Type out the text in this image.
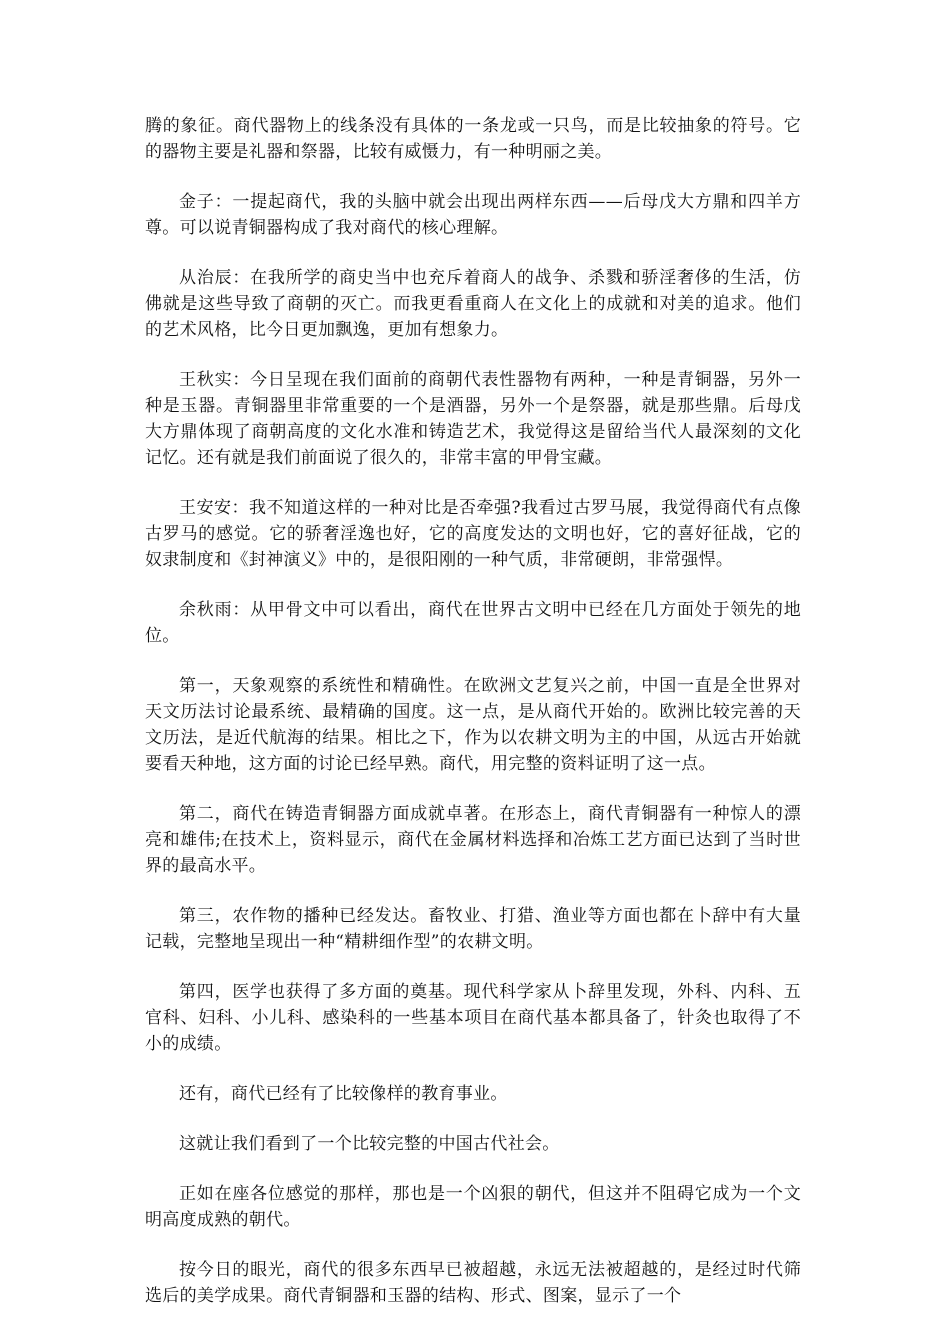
腾的象征。商代器物上的线条没有具体的一条龙或一只鸟，而是比较抽象的符号。它的器物主要是礼器和祭器，比较有威慑力，有一种明丽之美。

金子：一提起商代，我的头脑中就会出现出两样东西——后母戊大方鼎和四羊方尊。可以说青铜器构成了我对商代的核心理解。

从治辰：在我所学的商史当中也充斥着商人的战争、杀戮和骄淫奢侈的生活，仿佛就是这些导致了商朝的灭亡。而我更看重商人在文化上的成就和对美的追求。他们的艺术风格，比今日更加飘逸，更加有想象力。

王秋实：今日呈现在我们面前的商朝代表性器物有两种，一种是青铜器，另外一种是玉器。青铜器里非常重要的一个是酒器，另外一个是祭器，就是那些鼎。后母戊大方鼎体现了商朝高度的文化水准和铸造艺术，我觉得这是留给当代人最深刻的文化记忆。还有就是我们前面说了很久的，非常丰富的甲骨宝藏。

王安安：我不知道这样的一种对比是否牵强?我看过古罗马展，我觉得商代有点像古罗马的感觉。它的骄奢淫逸也好，它的高度发达的文明也好，它的喜好征战，它的奴隶制度和《封神演义》中的，是很阳刚的一种气质，非常硬朗，非常强悍。

余秋雨：从甲骨文中可以看出，商代在世界古文明中已经在几方面处于领先的地位。

第一，天象观察的系统性和精确性。在欧洲文艺复兴之前，中国一直是全世界对天文历法讨论最系统、最精确的国度。这一点，是从商代开始的。欧洲比较完善的天文历法，是近代航海的结果。相比之下，作为以农耕文明为主的中国，从远古开始就要看天种地，这方面的讨论已经早熟。商代，用完整的资料证明了这一点。

第二，商代在铸造青铜器方面成就卓著。在形态上，商代青铜器有一种惊人的漂亮和雄伟;在技术上，资料显示，商代在金属材料选择和冶炼工艺方面已达到了当时世界的最高水平。

第三，农作物的播种已经发达。畜牧业、打猎、渔业等方面也都在卜辞中有大量记载，完整地呈现出一种“精耕细作型”的农耕文明。

第四，医学也获得了多方面的奠基。现代科学家从卜辞里发现，外科、内科、五官科、妇科、小儿科、感染科的一些基本项目在商代基本都具备了，针灸也取得了不小的成绩。

还有，商代已经有了比较像样的教育事业。

这就让我们看到了一个比较完整的中国古代社会。

正如在座各位感觉的那样，那也是一个凶狠的朝代，但这并不阻碍它成为一个文明高度成熟的朝代。

按今日的眼光，商代的很多东西早已被超越，永远无法被超越的，是经过时代筛选后的美学成果。商代青铜器和玉器的结构、形式、图案，显示了一个
